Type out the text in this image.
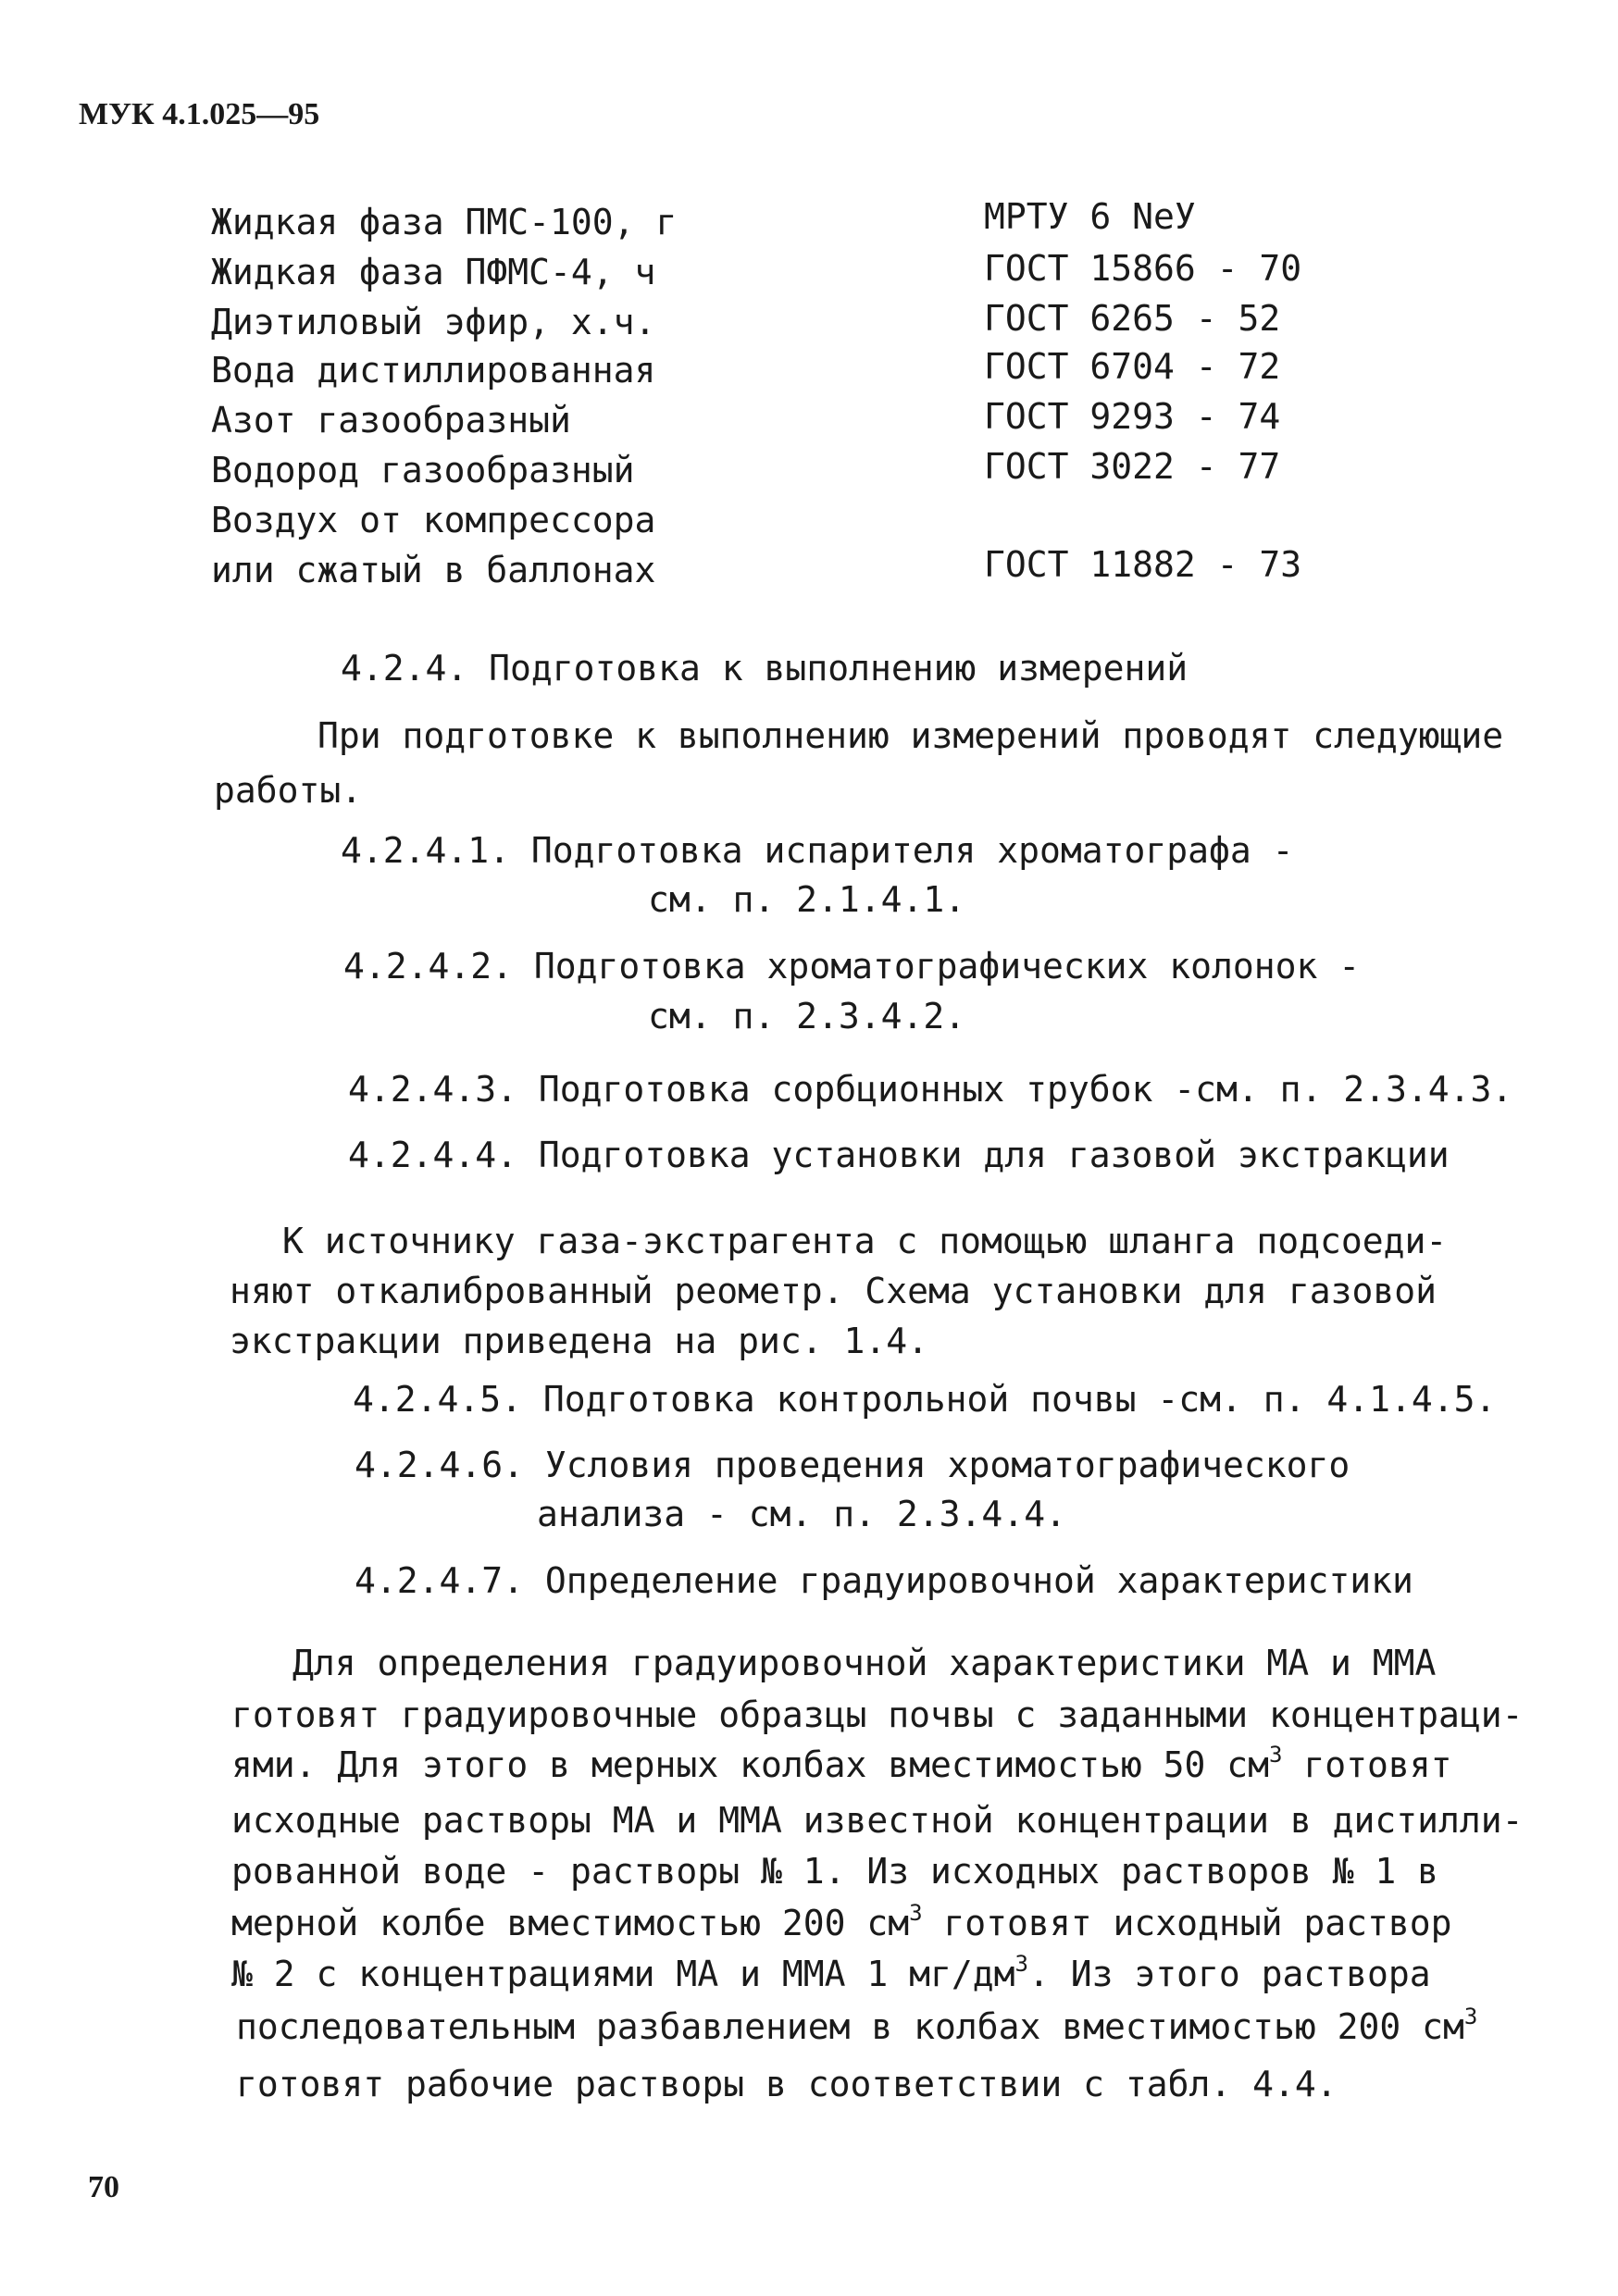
МУК 4.1.025—95
Жидкая фаза ПМС-100, г	МРТУ 6 NеУ
Жидкая фаза ПФМС-4, ч	ГОСТ 15866 - 70
Диэтиловый эфир, х.ч.	ГОСТ 6265 - 52
Вода дистиллированная	ГОСТ 6704 - 72
Азот газообразный	ГОСТ 9293 - 74
Водород газообразный	ГОСТ 3022 - 77
Воздух от компрессора
или сжатый в баллонах	ГОСТ 11882 - 73
4.2.4. Подготовка к выполнению измерений
При подготовке к выполнению измерений проводят следующие
работы.
4.2.4.1. Подготовка испарителя хроматографа -
см. п. 2.1.4.1.
4.2.4.2. Подготовка хроматографических колонок -
см. п. 2.3.4.2.
4.2.4.3. Подготовка сорбционных трубок -см. п. 2.3.4.3.
4.2.4.4. Подготовка установки для газовой экстракции
К источнику газа-экстрагента с помощью шланга подсоеди-
няют откалиброванный реометр. Схема установки для газовой
экстракции приведена на рис. 1.4.
4.2.4.5. Подготовка контрольной почвы -см. п. 4.1.4.5.
4.2.4.6. Условия проведения хроматографического
анализа - см. п. 2.3.4.4.
4.2.4.7. Определение градуировочной характеристики
Для определения градуировочной характеристики МА и ММА
готовят градуировочные образцы почвы с заданными концентраци-
ями. Для этого в мерных колбах вместимостью 50 $см^3$ готовят
исходные растворы МА и ММА известной концентрации в дистилли-
рованной воде - растворы № 1. Из исходных растворов № 1 в
мерной колбе вместимостью 200 $см^3$ готовят исходный раствор
№ 2 с концентрациями МА и ММА 1 $мг/дм^3$. Из этого раствора
последовательным разбавлением в колбах вместимостью 200 $см^3$
готовят рабочие растворы в соответствии с табл. 4.4.
70
